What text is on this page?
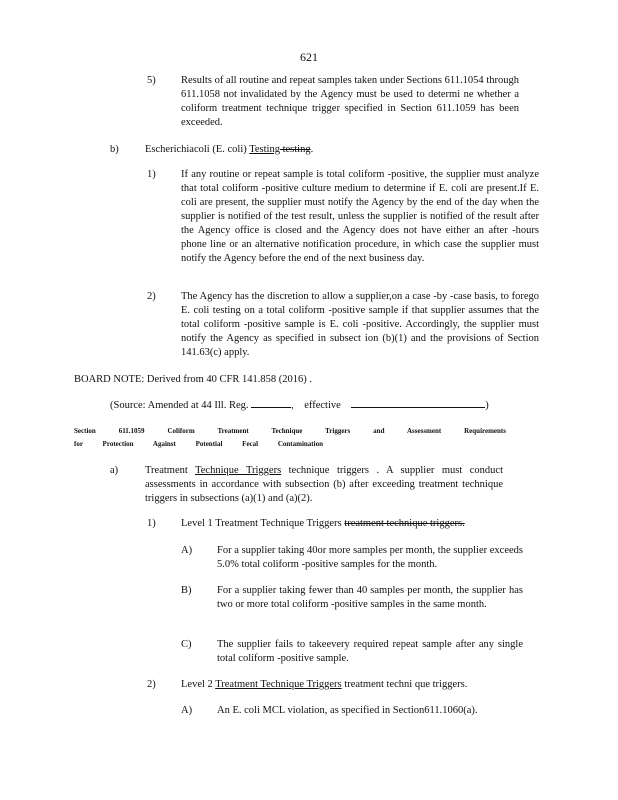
621
5) Results of all routine and repeat samples taken under Sections 611.1054 through 611.1058 not invalidated by the Agency must be used to determi ne whether a coliform treatment technique trigger specified in Section 611.1059 has been exceeded.
b)	Escherichiacoli (E. coli) Testing testing.
1) If any routine or repeat sample is total coliform -positive, the supplier must analyze that total coliform -positive culture medium to determine if E. coli are present.If E. coli are present, the supplier must notify the Agency by the end of the day when the supplier is notified of the test result, unless the supplier is notified of the result after the Agency office is closed and the Agency does not have either an after -hours phone line or an alternative notification procedure, in which case the supplier must notify the Agency before the end of the next business day.
2) The Agency has the discretion to allow a supplier,on a case -by -case basis, to forego E. coli testing on a total coliform -positive sample if that supplier assumes that the total coliform -positive sample is E. coli -positive. Accordingly, the supplier must notify the Agency as specified in subsect ion (b)(1) and the provisions of Section 141.63(c) apply.
BOARD NOTE: Derived from 40 CFR 141.858 (2016) .
(Source: Amended at 44 Ill. Reg.	, effective	)
Section 611.1059 Coliform Treatment Technique Triggers and Assessment Requirements
for Protection Against Potential Fecal Contamination
a)	Treatment Technique Triggers technique triggers . A supplier must conduct assessments in accordance with subsection (b) after exceeding treatment technique triggers in subsections (a)(1) and (a)(2).
1) Level 1 Treatment Technique Triggers treatment technique triggers.
A) For a supplier taking 40or more samples per month, the supplier exceeds 5.0% total coliform -positive samples for the month.
B) For a supplier taking fewer than 40 samples per month, the supplier has two or more total coliform -positive samples in the same month.
C) The supplier fails to takeevery required repeat sample after any single total coliform -positive sample.
2) Level 2 Treatment Technique Triggers treatment techni que triggers.
A) An E. coli MCL violation, as specified in Section611.1060(a).
